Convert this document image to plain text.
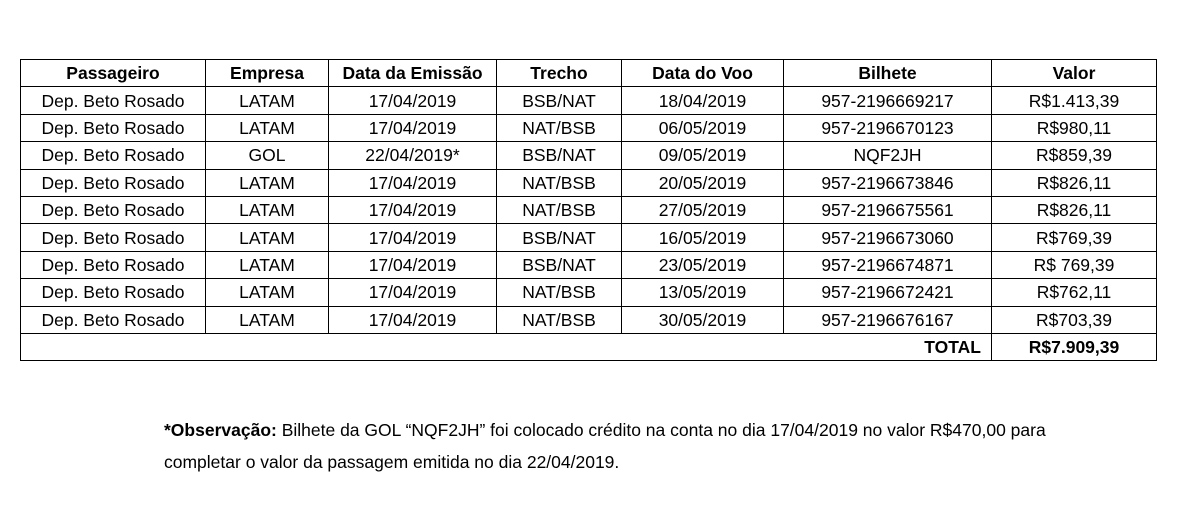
Passageiro	Empresa	Data da Emissão	Trecho	Data do Voo	Bilhete	Valor
Dep. Beto Rosado	LATAM	17/04/2019	BSB/NAT	18/04/2019	957-2196669217	R$1.413,39
Dep. Beto Rosado	LATAM	17/04/2019	NAT/BSB	06/05/2019	957-2196670123	R$980,11
Dep. Beto Rosado	GOL	22/04/2019*	BSB/NAT	09/05/2019	NQF2JH	R$859,39
Dep. Beto Rosado	LATAM	17/04/2019	NAT/BSB	20/05/2019	957-2196673846	R$826,11
Dep. Beto Rosado	LATAM	17/04/2019	NAT/BSB	27/05/2019	957-2196675561	R$826,11
Dep. Beto Rosado	LATAM	17/04/2019	BSB/NAT	16/05/2019	957-2196673060	R$769,39
Dep. Beto Rosado	LATAM	17/04/2019	BSB/NAT	23/05/2019	957-2196674871	R$ 769,39
Dep. Beto Rosado	LATAM	17/04/2019	NAT/BSB	13/05/2019	957-2196672421	R$762,11
Dep. Beto Rosado	LATAM	17/04/2019	NAT/BSB	30/05/2019	957-2196676167	R$703,39
TOTAL						R$7.909,39
*Observação: Bilhete da GOL “NQF2JH” foi colocado crédito na conta no dia 17/04/2019 no valor R$470,00 para completar o valor da passagem emitida no dia 22/04/2019.
